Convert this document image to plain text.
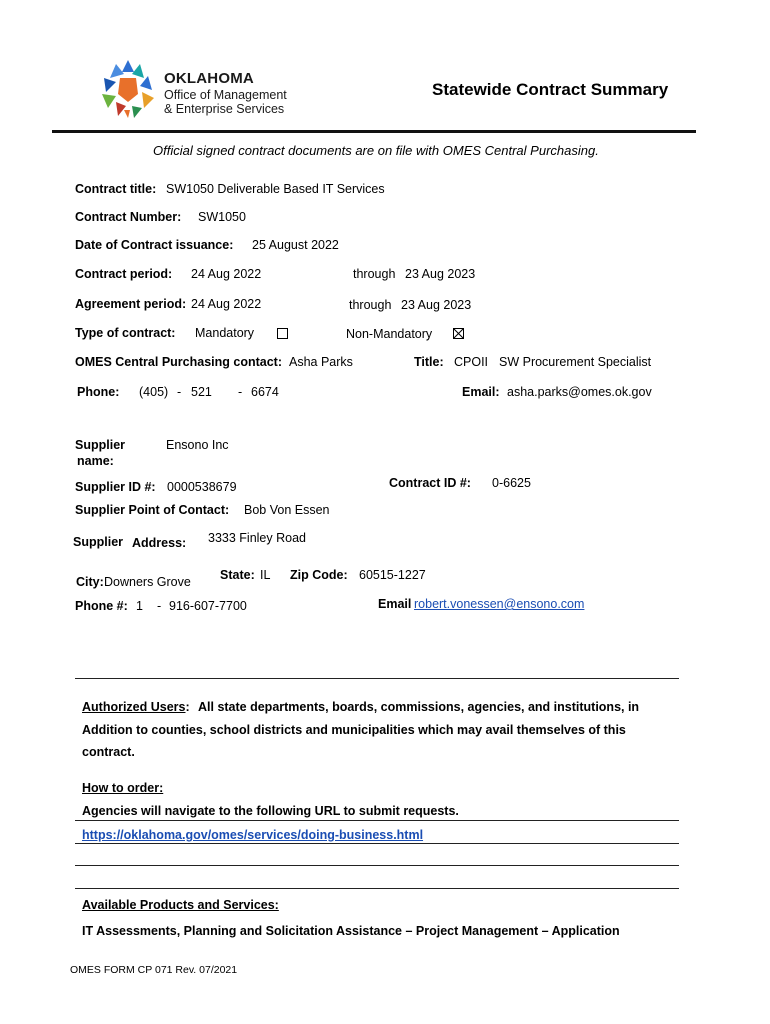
OKLAHOMA
Office of Management
& Enterprise Services
Statewide Contract Summary
Official signed contract documents are on file with OMES Central Purchasing.
Contract title: SW1050 Deliverable Based IT Services
Contract Number: SW1050
Date of Contract issuance: 25 August 2022
Contract period: 24 Aug 2022	through 23 Aug 2023
Agreement period: 24 Aug 2022	through 23 Aug 2023
Type of contract: Mandatory	Non-Mandatory
OMES Central Purchasing contact: Asha Parks	Title: CPOII SW Procurement Specialist
Phone: (405) - 521 - 6674	Email: asha.parks@omes.ok.gov
Supplier
name:
Ensono Inc
Supplier ID #: 0000538679	Contract ID #: 0-6625
Supplier Point of Contact: Bob Von Essen
Supplier Address: 3333 Finley Road
City: Downers Grove State: IL Zip Code: 60515-1227
Phone #: 1 - 916-607-7700	Email robert.vonessen@ensono.com
Authorized Users: All state departments, boards, commissions, agencies, and institutions, in
Addition to counties, school districts and municipalities which may avail themselves of this
contract.
How to order:
Agencies will navigate to the following URL to submit requests.
https://oklahoma.gov/omes/services/doing-business.html
Available Products and Services:
IT Assessments, Planning and Solicitation Assistance – Project Management – Application
OMES FORM CP 071 Rev. 07/2021
